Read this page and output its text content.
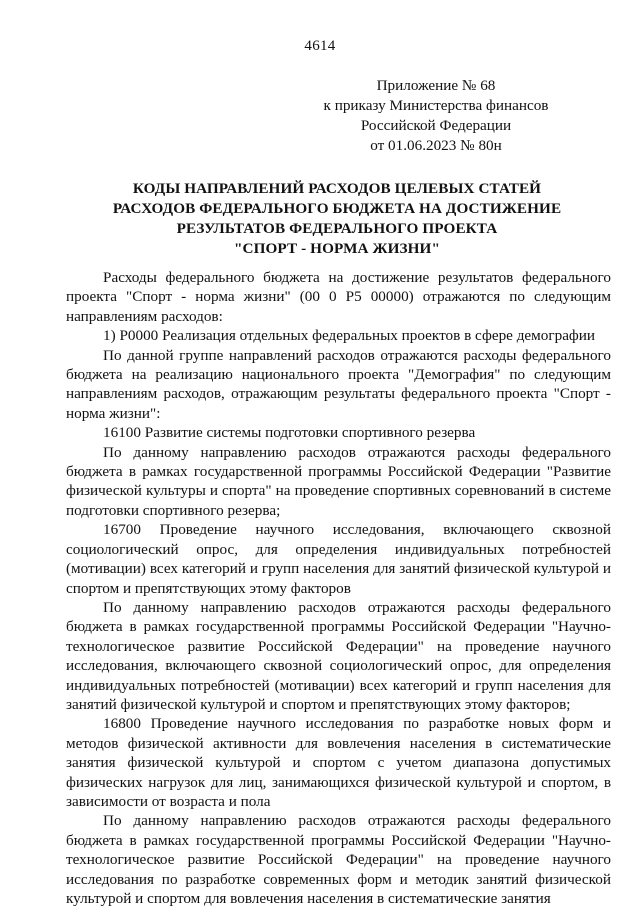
4614
Приложение № 68
к приказу Министерства финансов
Российской Федерации
от 01.06.2023 № 80н
КОДЫ НАПРАВЛЕНИЙ РАСХОДОВ ЦЕЛЕВЫХ СТАТЕЙ
РАСХОДОВ ФЕДЕРАЛЬНОГО БЮДЖЕТА НА ДОСТИЖЕНИЕ
РЕЗУЛЬТАТОВ ФЕДЕРАЛЬНОГО ПРОЕКТА
"СПОРТ - НОРМА ЖИЗНИ"

Расходы федерального бюджета на достижение результатов федерального проекта "Спорт - норма жизни" (00 0 Р5 00000) отражаются по следующим направлениям расходов:

1) Р0000 Реализация отдельных федеральных проектов в сфере демографии

По данной группе направлений расходов отражаются расходы федерального бюджета на реализацию национального проекта "Демография" по следующим направлениям расходов, отражающим результаты федерального проекта "Спорт - норма жизни":

16100 Развитие системы подготовки спортивного резерва

По данному направлению расходов отражаются расходы федерального бюджета в рамках государственной программы Российской Федерации "Развитие физической культуры и спорта" на проведение спортивных соревнований в системе подготовки спортивного резерва;

16700 Проведение научного исследования, включающего сквозной социологический опрос, для определения индивидуальных потребностей (мотивации) всех категорий и групп населения для занятий физической культурой и спортом и препятствующих этому факторов

По данному направлению расходов отражаются расходы федерального бюджета в рамках государственной программы Российской Федерации "Научно-технологическое развитие Российской Федерации" на проведение научного исследования, включающего сквозной социологический опрос, для определения индивидуальных потребностей (мотивации) всех категорий и групп населения для занятий физической культурой и спортом и препятствующих этому факторов;

16800 Проведение научного исследования по разработке новых форм и методов физической активности для вовлечения населения в систематические занятия физической культурой и спортом с учетом диапазона допустимых физических нагрузок для лиц, занимающихся физической культурой и спортом, в зависимости от возраста и пола

По данному направлению расходов отражаются расходы федерального бюджета в рамках государственной программы Российской Федерации "Научно-технологическое развитие Российской Федерации" на проведение научного исследования по разработке современных форм и методик занятий физической культурой и спортом для вовлечения населения в систематические занятия
